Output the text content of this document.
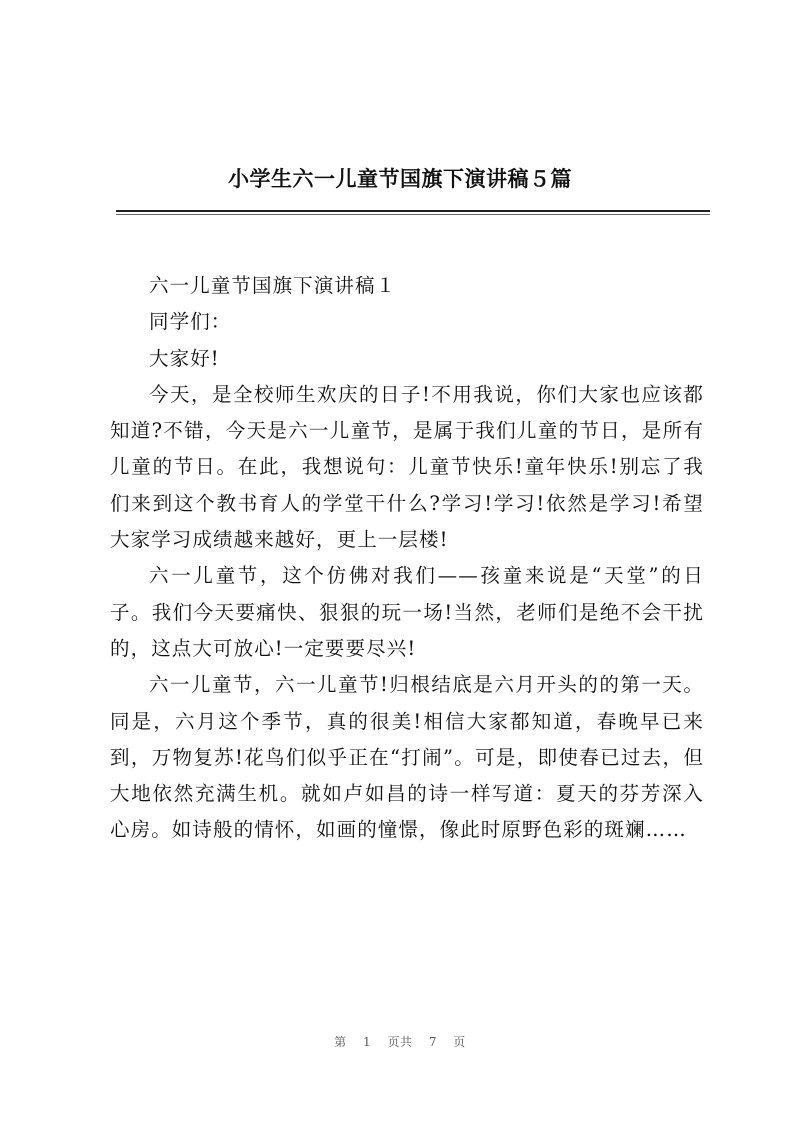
小学生六一儿童节国旗下演讲稿５篇

六一儿童节国旗下演讲稿１

同学们：

大家好!

今天，是全校师生欢庆的日子!不用我说，你们大家也应该都知道?不错，今天是六一儿童节，是属于我们儿童的节日，是所有儿童的节日。在此，我想说句：儿童节快乐!童年快乐!别忘了我们来到这个教书育人的学堂干什么?学习!学习!依然是学习!希望大家学习成绩越来越好，更上一层楼!

六一儿童节，这个仿佛对我们——孩童来说是“天堂”的日子。我们今天要痛快、狠狠的玩一场!当然，老师们是绝不会干扰的，这点大可放心!一定要要尽兴!

六一儿童节，六一儿童节!归根结底是六月开头的的第一天。同是，六月这个季节，真的很美!相信大家都知道，春晚早已来到，万物复苏!花鸟们似乎正在“打闹”。可是，即使春已过去，但大地依然充满生机。就如卢如昌的诗一样写道：夏天的芬芳深入心房。如诗般的情怀，如画的憧憬，像此时原野色彩的斑斓……

第 1 页共 7 页
